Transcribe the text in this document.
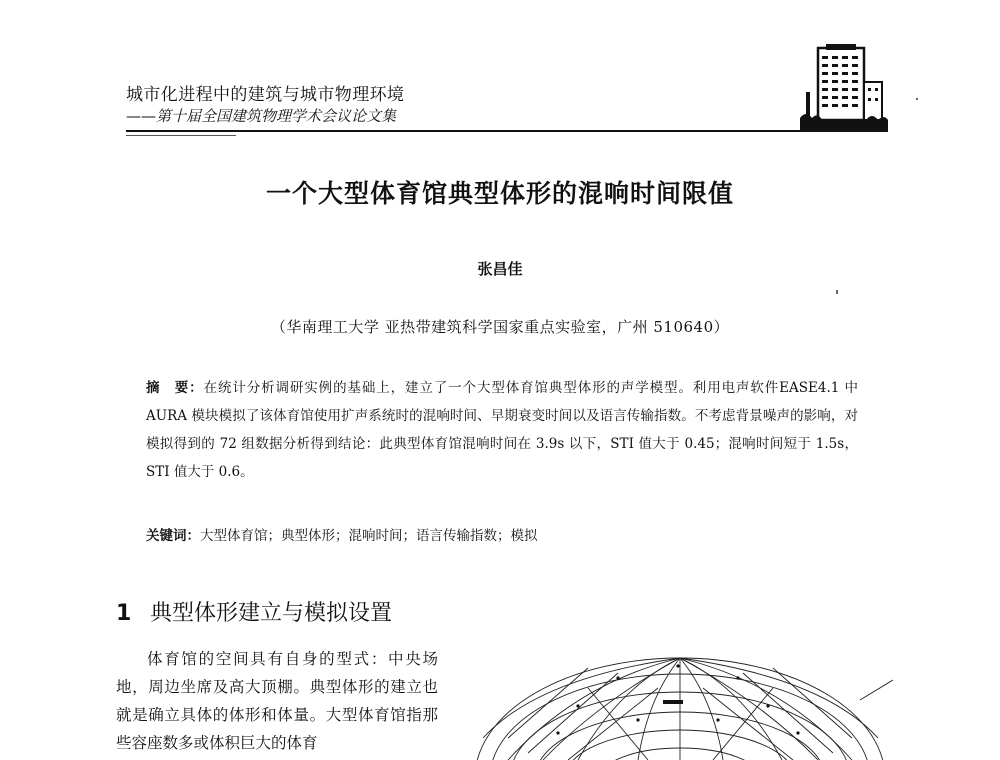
城市化进程中的建筑与城市物理环境
——第十届全国建筑物理学术会议论文集
一个大型体育馆典型体形的混响时间限值
张昌佳
（华南理工大学 亚热带建筑科学国家重点实验室，广州 510640）
摘　要：在统计分析调研实例的基础上，建立了一个大型体育馆典型体形的声学模型。利用电声软件EASE4.1 中 AURA 模块模拟了该体育馆使用扩声系统时的混响时间、早期衰变时间以及语言传输指数。不考虑背景噪声的影响，对模拟得到的 72 组数据分析得到结论：此典型体育馆混响时间在 3.9s 以下，STI 值大于 0.45；混响时间短于 1.5s，STI 值大于 0.6。
关键词：大型体育馆；典型体形；混响时间；语言传输指数；模拟
1 典型体形建立与模拟设置

体育馆的空间具有自身的型式：中央场地，周边坐席及高大顶棚。典型体形的建立也就是确立具体的体形和体量。大型体育馆指那些容座数多或体积巨大的体育
